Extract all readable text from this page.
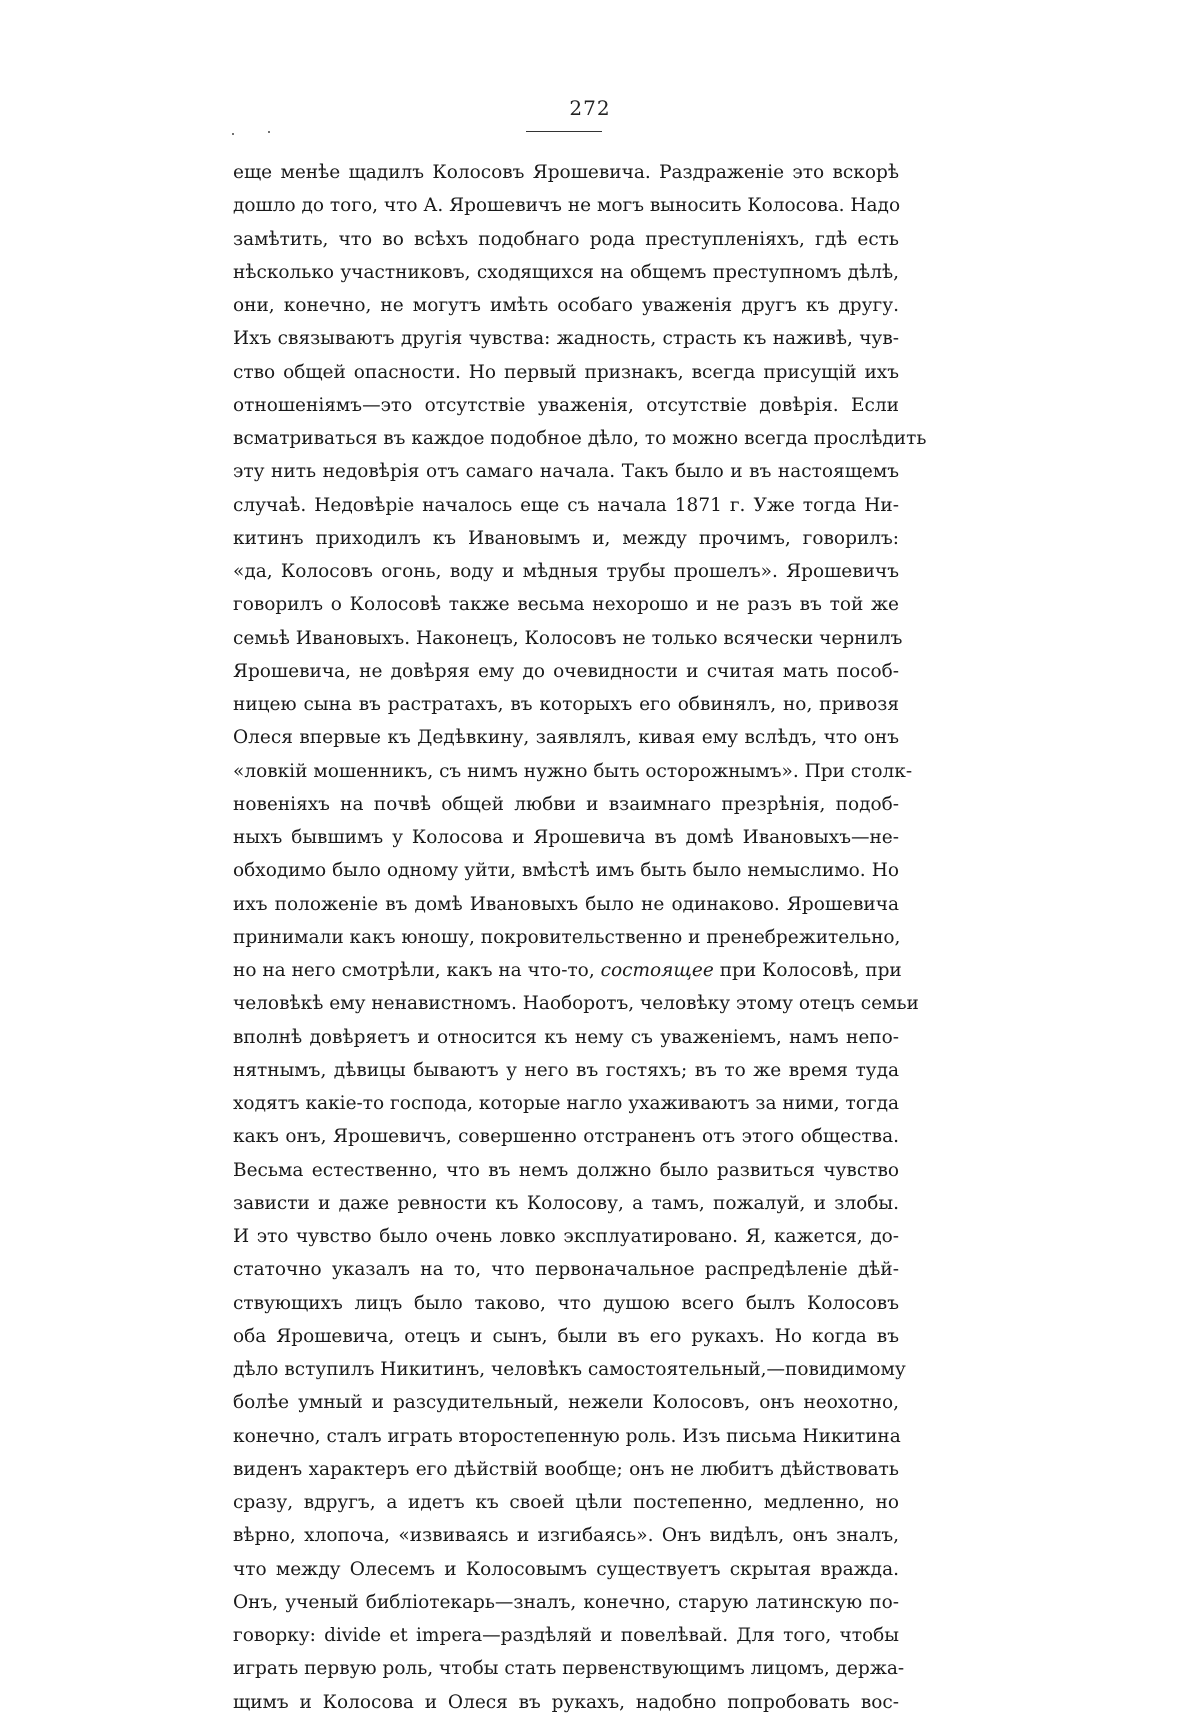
272
еще менѣе щадилъ Колосовъ Ярошевича. Раздраженіе это вскорѣ
дошло до того, что А. Ярошевичъ не могъ выносить Колосова. Надо
замѣтить, что во всѣхъ подобнаго рода преступленіяхъ, гдѣ есть
нѣсколько участниковъ, сходящихся на общемъ преступномъ дѣлѣ,
они, конечно, не могутъ имѣть особаго уваженія другъ къ другу.
Ихъ связываютъ другія чувства: жадность, страсть къ наживѣ, чув-
ство общей опасности. Но первый признакъ, всегда присущій ихъ
отношеніямъ—это отсутствіе уваженія, отсутствіе довѣрія. Если
всматриваться въ каждое подобное дѣло, то можно всегда прослѣдить
эту нить недовѣрія отъ самаго начала. Такъ было и въ настоящемъ
случаѣ. Недовѣріе началось еще съ начала 1871 г. Уже тогда Ни-
китинъ приходилъ къ Ивановымъ и, между прочимъ, говорилъ:
«да, Колосовъ огонь, воду и мѣдныя трубы прошелъ». Ярошевичъ
говорилъ о Колосовѣ также весьма нехорошо и не разъ въ той же
семьѣ Ивановыхъ. Наконецъ, Колосовъ не только всячески чернилъ
Ярошевича, не довѣряя ему до очевидности и считая мать пособ-
ницею сына въ растратахъ, въ которыхъ его обвинялъ, но, привозя
Олеся впервые къ Дедѣвкину, заявлялъ, кивая ему вслѣдъ, что онъ
«ловкій мошенникъ, съ нимъ нужно быть осторожнымъ». При столк-
новеніяхъ на почвѣ общей любви и взаимнаго презрѣнія, подоб-
ныхъ бывшимъ у Колосова и Ярошевича въ домѣ Ивановыхъ—не-
обходимо было одному уйти, вмѣстѣ имъ быть было немыслимо. Но
ихъ положеніе въ домѣ Ивановыхъ было не одинаково. Ярошевича
принимали какъ юношу, покровительственно и пренебрежительно,
но на него смотрѣли, какъ на что-то, состоящее при Колосовѣ, при
человѣкѣ ему ненавистномъ. Наоборотъ, человѣку этому отецъ семьи
вполнѣ довѣряетъ и относится къ нему съ уваженіемъ, намъ непо-
нятнымъ, дѣвицы бываютъ у него въ гостяхъ; въ то же время туда
ходятъ какіе-то господа, которые нагло ухаживаютъ за ними, тогда
какъ онъ, Ярошевичъ, совершенно отстраненъ отъ этого общества.
Весьма естественно, что въ немъ должно было развиться чувство
зависти и даже ревности къ Колосову, а тамъ, пожалуй, и злобы.
И это чувство было очень ловко эксплуатировано. Я, кажется, до-
статочно указалъ на то, что первоначальное распредѣленіе дѣй-
ствующихъ лицъ было таково, что душою всего былъ Колосовъ
оба Ярошевича, отецъ и сынъ, были въ его рукахъ. Но когда въ
дѣло вступилъ Никитинъ, человѣкъ самостоятельный,—повидимому
болѣе умный и разсудительный, нежели Колосовъ, онъ неохотно,
конечно, сталъ играть второстепенную роль. Изъ письма Никитина
виденъ характеръ его дѣйствій вообще; онъ не любитъ дѣйствовать
сразу, вдругъ, а идетъ къ своей цѣли постепенно, медленно, но
вѣрно, хлопоча, «извиваясь и изгибаясь». Онъ видѣлъ, онъ зналъ,
что между Олесемъ и Колосовымъ существуетъ скрытая вражда.
Онъ, ученый библіотекарь—зналъ, конечно, старую латинскую по-
говорку: divide et impera—раздѣляй и повелѣвай. Для того, чтобы
играть первую роль, чтобы стать первенствующимъ лицомъ, держа-
щимъ и Колосова и Олеся въ рукахъ, надобно попробовать вос-
